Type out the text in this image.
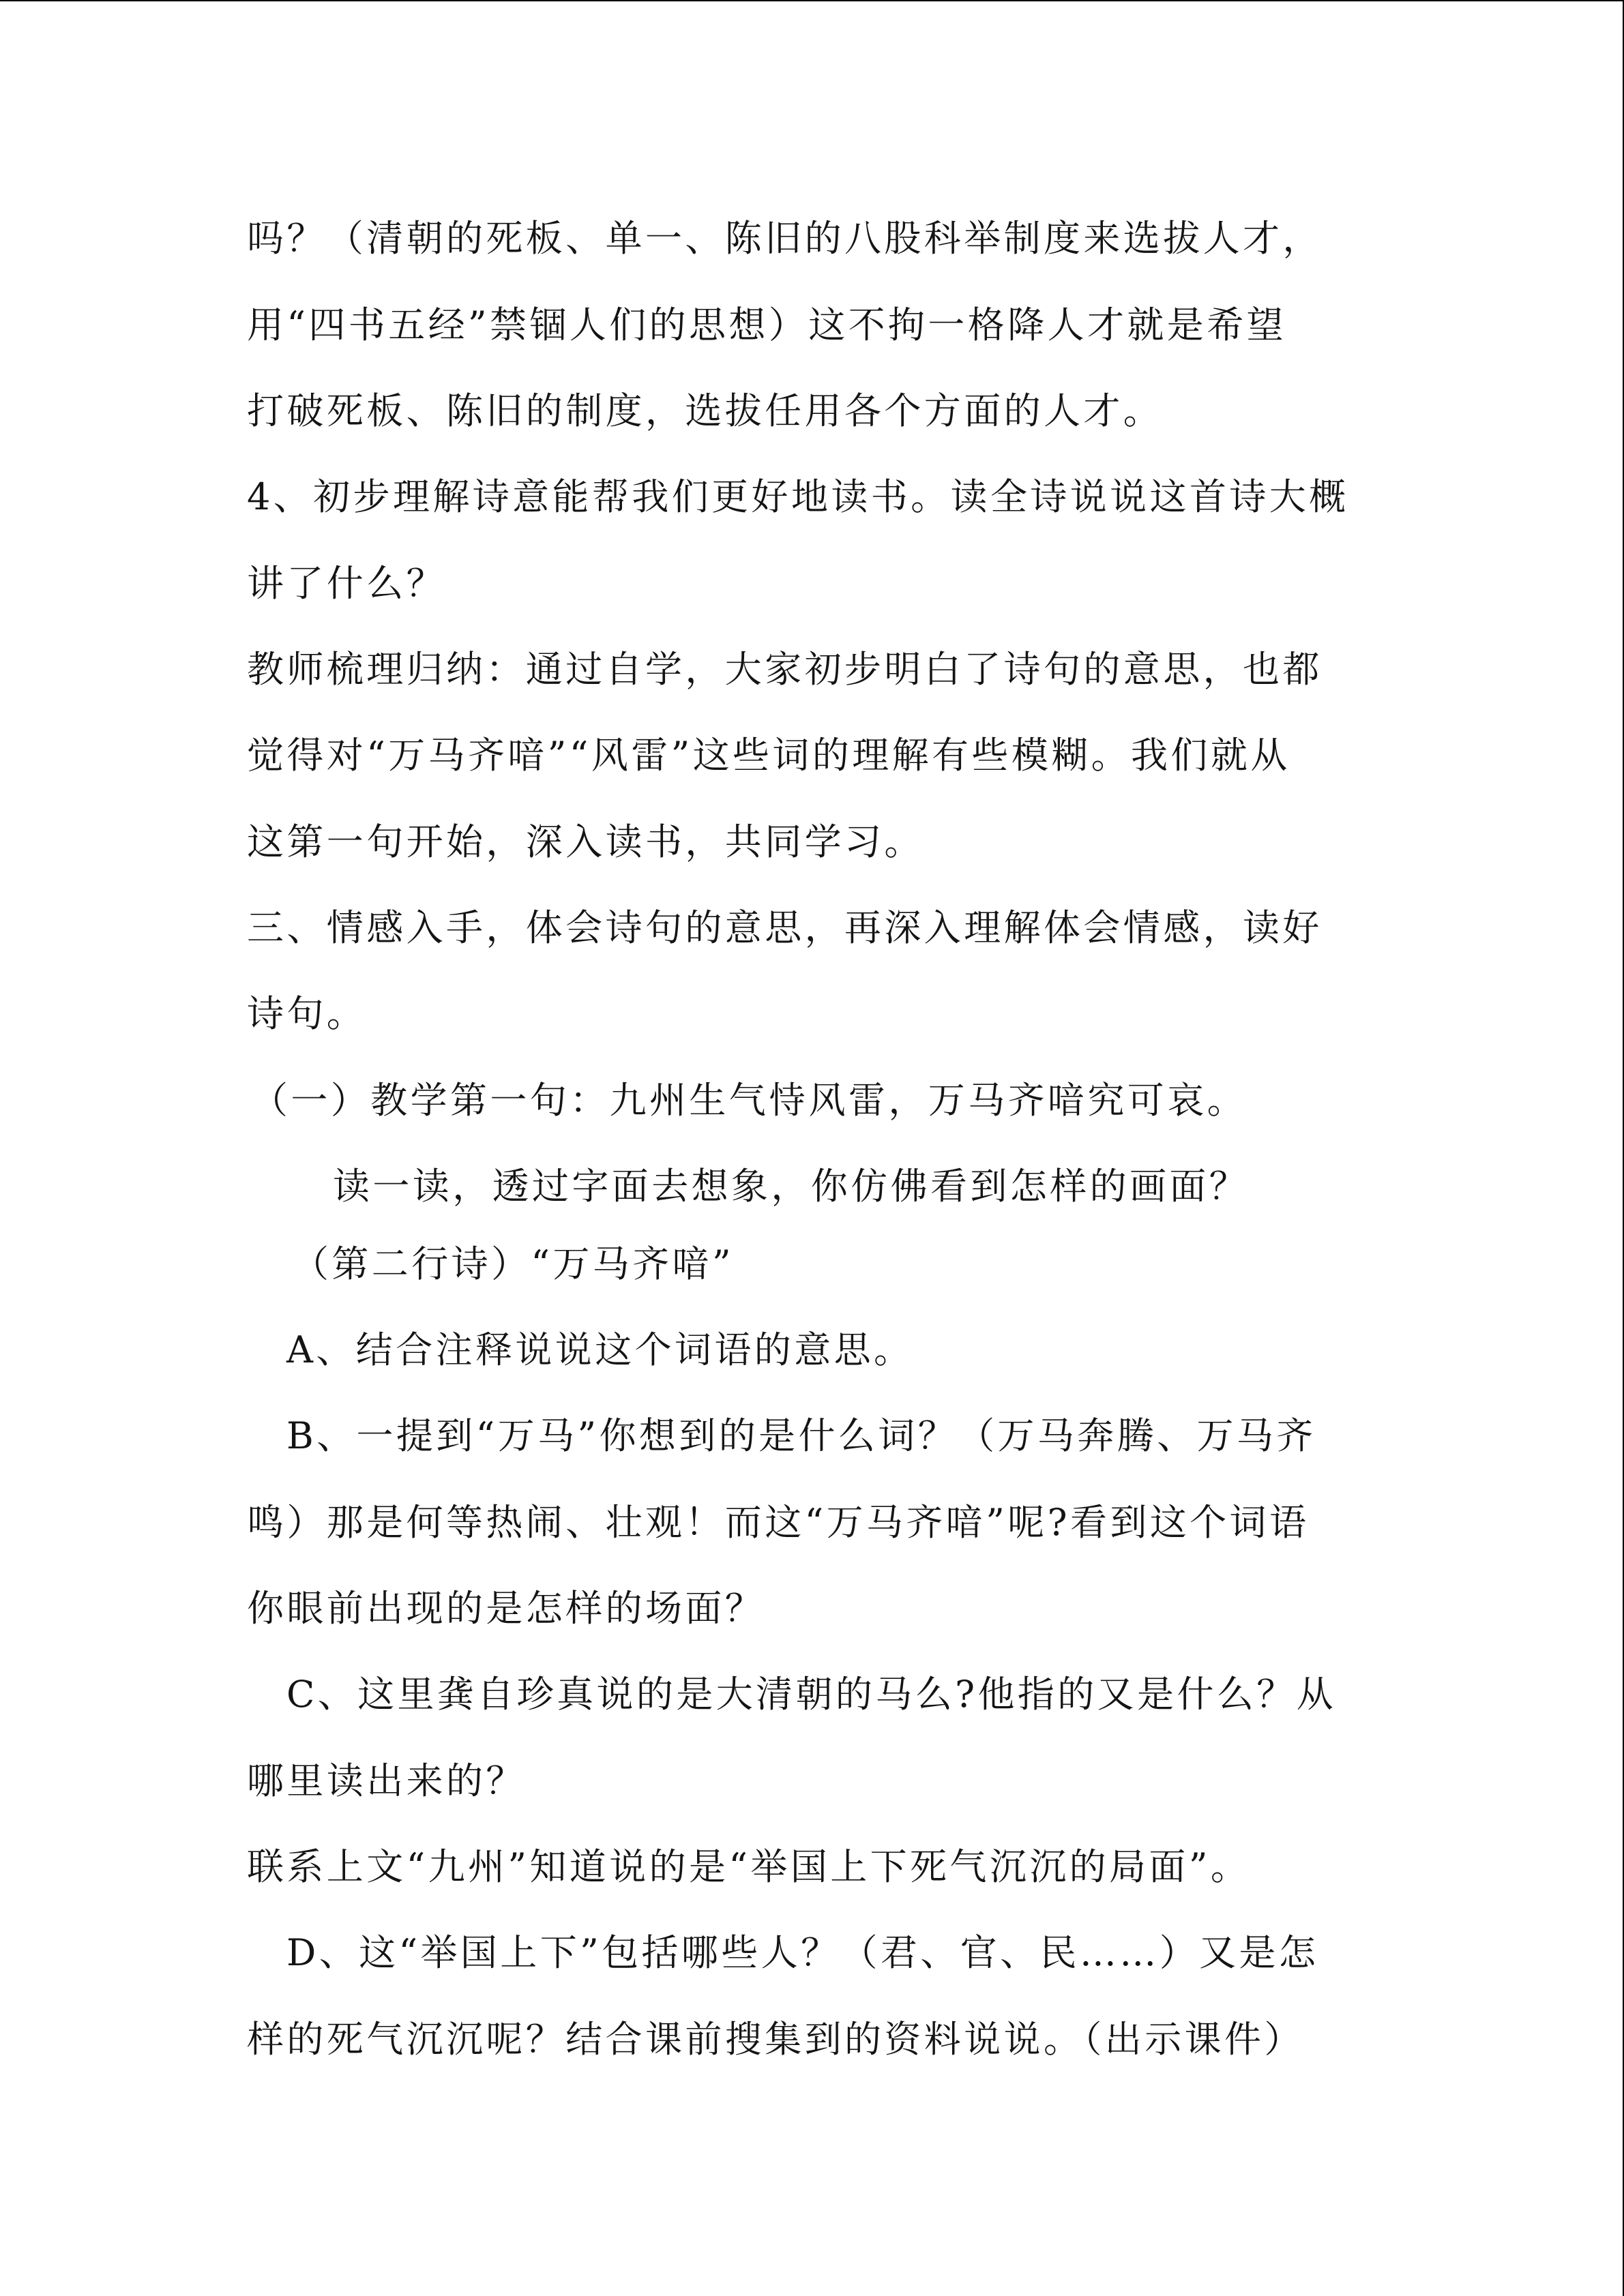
吗？（清朝的死板、单一、陈旧的八股科举制度来选拔人才，
用“四书五经”禁锢人们的思想）这不拘一格降人才就是希望
打破死板、陈旧的制度，选拔任用各个方面的人才。
4、初步理解诗意能帮我们更好地读书。读全诗说说这首诗大概
讲了什么？
教师梳理归纳：通过自学，大家初步明白了诗句的意思，也都
觉得对“万马齐喑”“风雷”这些词的理解有些模糊。我们就从
这第一句开始，深入读书，共同学习。
三、情感入手，体会诗句的意思，再深入理解体会情感，读好
诗句。
（一）教学第一句：九州生气恃风雷，万马齐喑究可哀。
读一读，透过字面去想象，你仿佛看到怎样的画面？
（第二行诗）“万马齐喑”
A、结合注释说说这个词语的意思。
B、一提到“万马”你想到的是什么词？（万马奔腾、万马齐
鸣）那是何等热闹、壮观！而这“万马齐喑”呢?看到这个词语
你眼前出现的是怎样的场面？
C、这里龚自珍真说的是大清朝的马么?他指的又是什么？从
哪里读出来的？
联系上文“九州”知道说的是“举国上下死气沉沉的局面”。
D、这“举国上下”包括哪些人？（君、官、民……）又是怎
样的死气沉沉呢？结合课前搜集到的资料说说。（出示课件）
